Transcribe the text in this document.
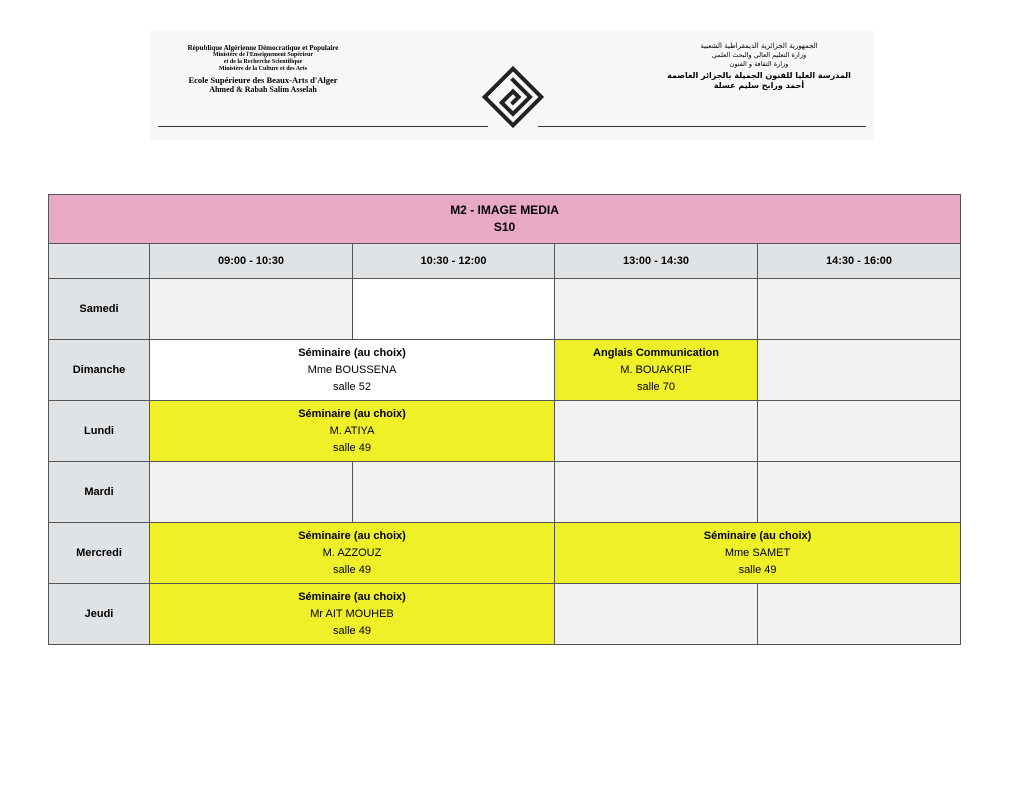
République Algérienne Démocratique et Populaire
Ministère de l'Enseignement Supérieur
et de la Recherche Scientifique
Ministère de la Culture et des Arts
Ecole Supérieure des Beaux-Arts d'Alger
Ahmed & Rabah Salim Asselah
الجمهورية الجزائرية الديمقراطية الشعبية
وزارة التعليم العالي والبحث العلمي
وزارة الثقافة و الفنون
المدرسة العليا للفنون الجميلة بالجزائر العاصمة
أحمد ورابح سليم عسلة
M2 - IMAGE MEDIA
S10				

	09:00 - 10:30	10:30 - 12:00	13:00 - 14:30	14:30 - 16:00
Samedi				
Dimanche	Séminaire (au choix)
Mme BOUSSENA
salle 52		Anglais Communication
M. BOUAKRIF
salle 70	

Lundi	Séminaire (au choix)
M. ATIYA
salle 49			

Mardi				
Mercredi	Séminaire (au choix)
M. AZZOUZ
salle 49		Séminaire (au choix)
Mme SAMET
salle 49	

Jeudi	Séminaire (au choix)
Mr AIT MOUHEB
salle 49			
